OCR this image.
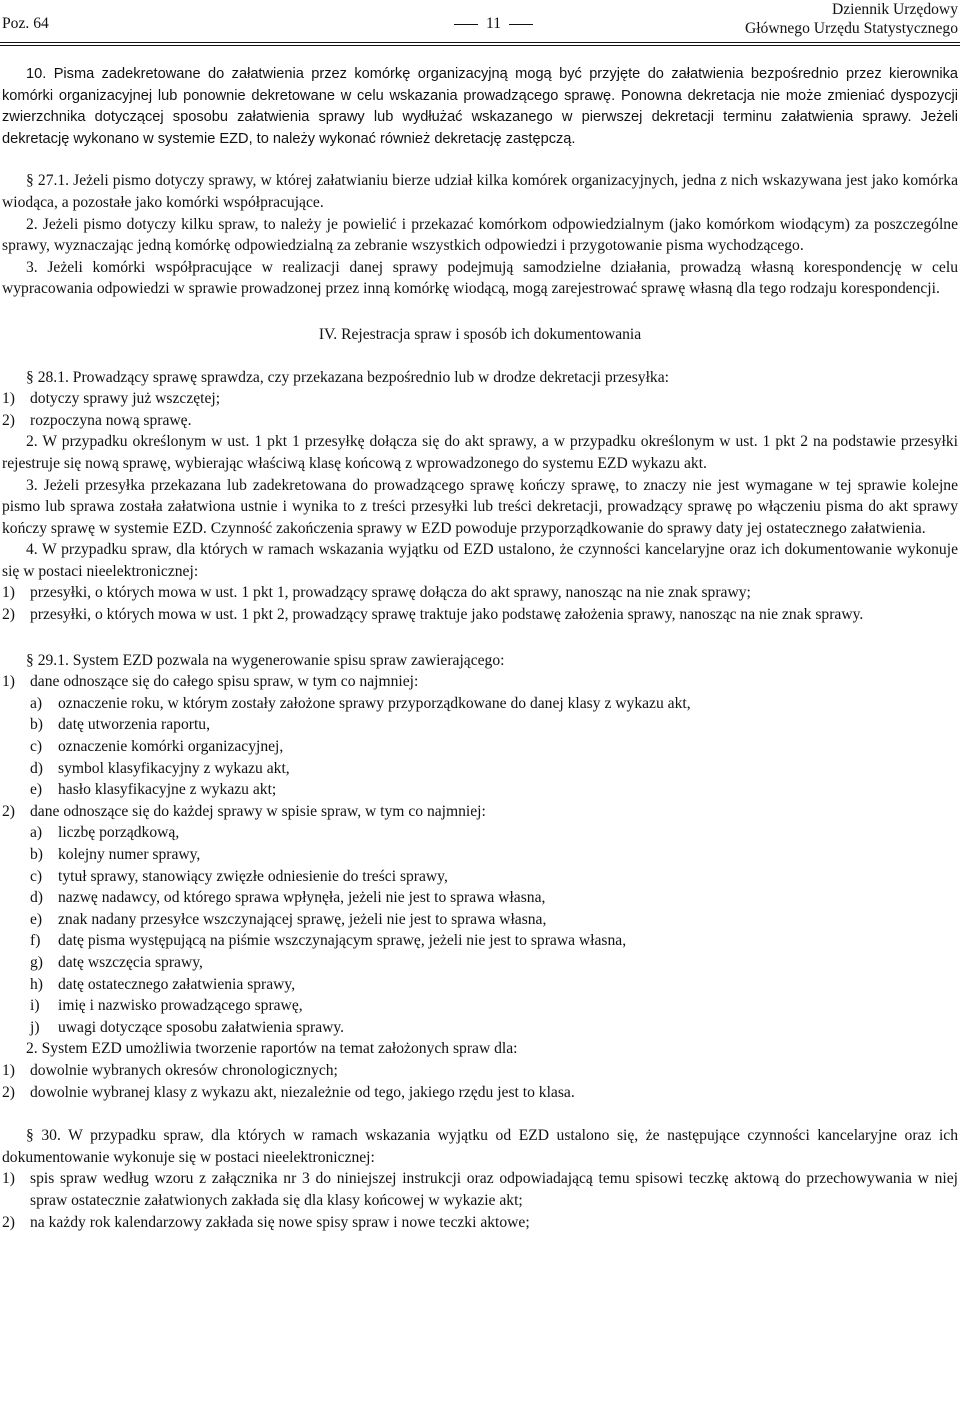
Poz. 64	11
Dziennik Urzędowy
Głównego Urzędu Statystycznego

10. Pisma zadekretowane do załatwienia przez komórkę organizacyjną mogą być przyjęte do załatwienia bezpośrednio przez kierownika komórki organizacyjnej lub ponownie dekretowane w celu wskazania prowadzącego sprawę. Ponowna dekretacja nie może zmieniać dyspozycji zwierzchnika dotyczącej sposobu załatwienia sprawy lub wydłużać wskazanego w pierwszej dekretacji terminu załatwienia sprawy. Jeżeli dekretację wykonano w systemie EZD, to należy wykonać również dekretację zastępczą.

§ 27.1. Jeżeli pismo dotyczy sprawy, w której załatwianiu bierze udział kilka komórek organizacyjnych, jedna z nich wskazywana jest jako komórka wiodąca, a pozostałe jako komórki współpracujące.

2. Jeżeli pismo dotyczy kilku spraw, to należy je powielić i przekazać komórkom odpowiedzialnym (jako komórkom wiodącym) za poszczególne sprawy, wyznaczając jedną komórkę odpowiedzialną za zebranie wszystkich odpowiedzi i przygotowanie pisma wychodzącego.

3. Jeżeli komórki współpracujące w realizacji danej sprawy podejmują samodzielne działania, prowadzą własną korespondencję w celu wypracowania odpowiedzi w sprawie prowadzonej przez inną komórkę wiodącą, mogą zarejestrować sprawę własną dla tego rodzaju korespondencji.

IV. Rejestracja spraw i sposób ich dokumentowania

§ 28.1. Prowadzący sprawę sprawdza, czy przekazana bezpośrednio lub w drodze dekretacji przesyłka:

1) dotyczy sprawy już wszczętej;
2) rozpoczyna nową sprawę.

2. W przypadku określonym w ust. 1 pkt 1 przesyłkę dołącza się do akt sprawy, a w przypadku określonym w ust. 1 pkt 2 na podstawie przesyłki rejestruje się nową sprawę, wybierając właściwą klasę końcową z wprowadzonego do systemu EZD wykazu akt.

3. Jeżeli przesyłka przekazana lub zadekretowana do prowadzącego sprawę kończy sprawę, to znaczy nie jest wymagane w tej sprawie kolejne pismo lub sprawa została załatwiona ustnie i wynika to z treści przesyłki lub treści dekretacji, prowadzący sprawę po włączeniu pisma do akt sprawy kończy sprawę w systemie EZD. Czynność zakończenia sprawy w EZD powoduje przyporządkowanie do sprawy daty jej ostatecznego załatwienia.

4. W przypadku spraw, dla których w ramach wskazania wyjątku od EZD ustalono, że czynności kancelaryjne oraz ich dokumentowanie wykonuje się w postaci nieelektronicznej:

1) przesyłki, o których mowa w ust. 1 pkt 1, prowadzący sprawę dołącza do akt sprawy, nanosząc na nie znak sprawy;
2) przesyłki, o których mowa w ust. 1 pkt 2, prowadzący sprawę traktuje jako podstawę założenia sprawy, nanosząc na nie znak sprawy.

§ 29.1. System EZD pozwala na wygenerowanie spisu spraw zawierającego:

1) dane odnoszące się do całego spisu spraw, w tym co najmniej:
a)	oznaczenie roku, w którym zostały założone sprawy przyporządkowane do danej klasy z wykazu akt,
b) datę utworzenia raportu,
c)	oznaczenie komórki organizacyjnej,
d) symbol klasyfikacyjny z wykazu akt,
e)	hasło klasyfikacyjne z wykazu akt;
2) dane odnoszące się do każdej sprawy w spisie spraw, w tym co najmniej:
a)	liczbę porządkową,
b) kolejny numer sprawy,
c)	tytuł sprawy, stanowiący zwięzłe odniesienie do treści sprawy,
d) nazwę nadawcy, od którego sprawa wpłynęła, jeżeli nie jest to sprawa własna,
e)	znak nadany przesyłce wszczynającej sprawę, jeżeli nie jest to sprawa własna,
f)	datę pisma występującą na piśmie wszczynającym sprawę, jeżeli nie jest to sprawa własna,
g) datę wszczęcia sprawy,
h) datę ostatecznego załatwienia sprawy,
i)	imię i nazwisko prowadzącego sprawę,
j)	uwagi dotyczące sposobu załatwienia sprawy.

2. System EZD umożliwia tworzenie raportów na temat założonych spraw dla:

1) dowolnie wybranych okresów chronologicznych;
2) dowolnie wybranej klasy z wykazu akt, niezależnie od tego, jakiego rzędu jest to klasa.

§ 30. W przypadku spraw, dla których w ramach wskazania wyjątku od EZD ustalono się, że następujące czynności kancelaryjne oraz ich dokumentowanie wykonuje się w postaci nieelektronicznej:

1) spis spraw według wzoru z załącznika nr 3 do niniejszej instrukcji oraz odpowiadającą temu spisowi teczkę aktową do przechowywania w niej spraw ostatecznie załatwionych zakłada się dla klasy końcowej w wykazie akt;
2) na każdy rok kalendarzowy zakłada się nowe spisy spraw i nowe teczki aktowe;
